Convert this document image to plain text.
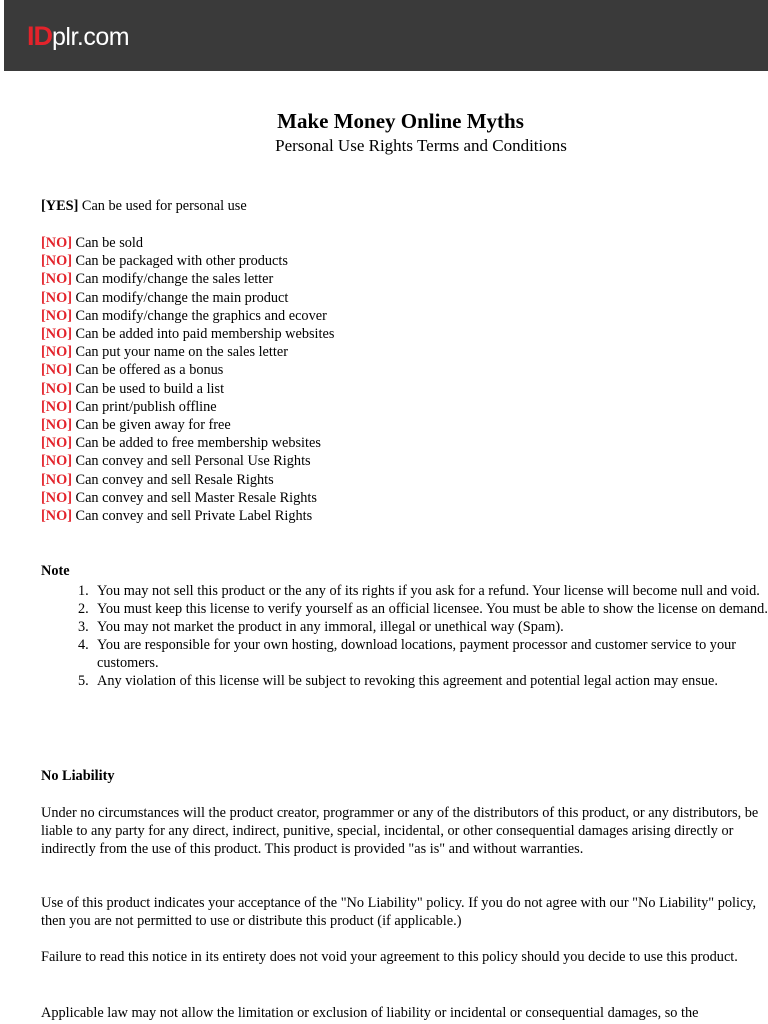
ID plr.com
Make Money Online Myths
Personal Use Rights Terms and Conditions
[YES] Can be used for personal use
[NO] Can be sold
[NO] Can be packaged with other products
[NO] Can modify/change the sales letter
[NO] Can modify/change the main product
[NO] Can modify/change the graphics and ecover
[NO] Can be added into paid membership websites
[NO] Can put your name on the sales letter
[NO] Can be offered as a bonus
[NO] Can be used to build a list
[NO] Can print/publish offline
[NO] Can be given away for free
[NO] Can be added to free membership websites
[NO] Can convey and sell Personal Use Rights
[NO] Can convey and sell Resale Rights
[NO] Can convey and sell Master Resale Rights
[NO] Can convey and sell Private Label Rights
Note
1. You may not sell this product or the any of its rights if you ask for a refund. Your license will become null and void.
2. You must keep this license to verify yourself as an official licensee. You must be able to show the license on demand.
3. You may not market the product in any immoral, illegal or unethical way (Spam).
4. You are responsible for your own hosting, download locations, payment processor and customer service to your customers.
5. Any violation of this license will be subject to revoking this agreement and potential legal action may ensue.
No Liability
Under no circumstances will the product creator, programmer or any of the distributors of this product, or any distributors, be liable to any party for any direct, indirect, punitive, special, incidental, or other consequential damages arising directly or indirectly from the use of this product. This product is provided "as is" and without warranties.
Use of this product indicates your acceptance of the "No Liability" policy. If you do not agree with our "No Liability" policy, then you are not permitted to use or distribute this product (if applicable.)
Failure to read this notice in its entirety does not void your agreement to this policy should you decide to use this product.
Applicable law may not allow the limitation or exclusion of liability or incidental or consequential damages, so the
